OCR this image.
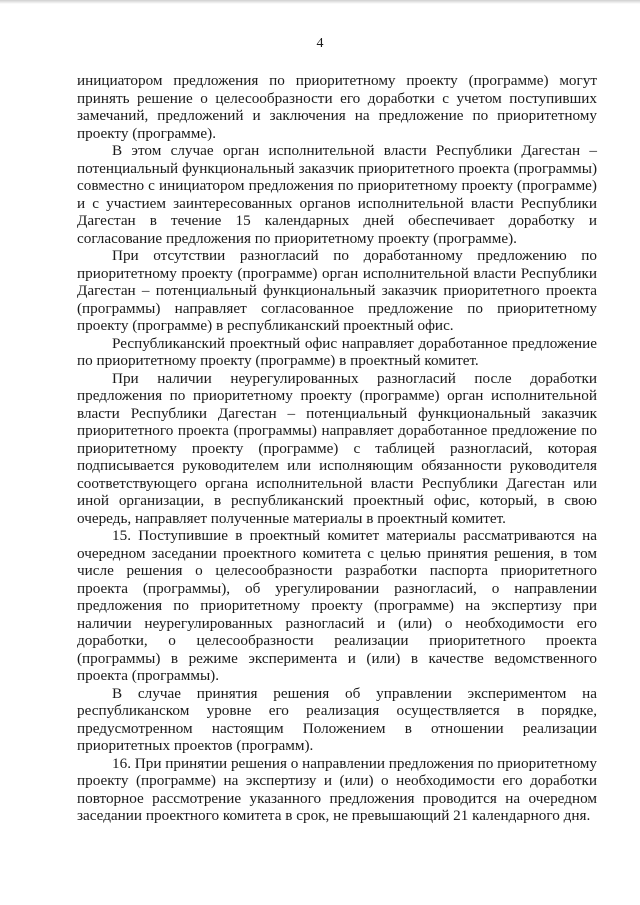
4

инициатором предложения по приоритетному проекту (программе) могут принять решение о целесообразности его доработки с учетом поступивших замечаний, предложений и заключения на предложение по приоритетному проекту (программе).

В этом случае орган исполнительной власти Республики Дагестан – потенциальный функциональный заказчик приоритетного проекта (программы) совместно с инициатором предложения по приоритетному проекту (программе) и с участием заинтересованных органов исполнительной власти Республики Дагестан в течение 15 календарных дней обеспечивает доработку и согласование предложения по приоритетному проекту (программе).

При отсутствии разногласий по доработанному предложению по приоритетному проекту (программе) орган исполнительной власти Республики Дагестан – потенциальный функциональный заказчик приоритетного проекта (программы) направляет согласованное предложение по приоритетному проекту (программе) в республиканский проектный офис.

Республиканский проектный офис направляет доработанное предложение по приоритетному проекту (программе) в проектный комитет.

При наличии неурегулированных разногласий после доработки предложения по приоритетному проекту (программе) орган исполнительной власти Республики Дагестан – потенциальный функциональный заказчик приоритетного проекта (программы) направляет доработанное предложение по приоритетному проекту (программе) с таблицей разногласий, которая подписывается руководителем или исполняющим обязанности руководителя соответствующего органа исполнительной власти Республики Дагестан или иной организации, в республиканский проектный офис, который, в свою очередь, направляет полученные материалы в проектный комитет.

15. Поступившие в проектный комитет материалы рассматриваются на очередном заседании проектного комитета с целью принятия решения, в том числе решения о целесообразности разработки паспорта приоритетного проекта (программы), об урегулировании разногласий, о направлении предложения по приоритетному проекту (программе) на экспертизу при наличии неурегулированных разногласий и (или) о необходимости его доработки, о целесообразности реализации приоритетного проекта (программы) в режиме эксперимента и (или) в качестве ведомственного проекта (программы).

В случае принятия решения об управлении экспериментом на республиканском уровне его реализация осуществляется в порядке, предусмотренном настоящим Положением в отношении реализации приоритетных проектов (программ).

16. При принятии решения о направлении предложения по приоритетному проекту (программе) на экспертизу и (или) о необходимости его доработки повторное рассмотрение указанного предложения проводится на очередном заседании проектного комитета в срок, не превышающий 21 календарного дня.
